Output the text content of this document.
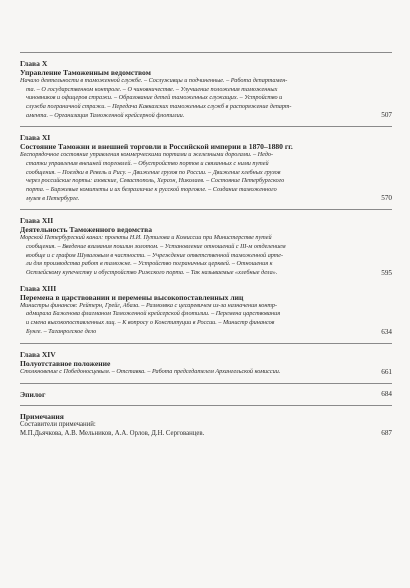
Глава X
Управление Таможенным ведомством
Начало деятельности в таможенной службе. – Сослуживцы и подчиненные. – Работа департамен-
та. – О государственном контроле. – О чиновничестве. – Улучшение положения таможенных
чиновников и офицеров стражи. – Образование детей таможенных служащих. – Устройство и
служба пограничной стражи. – Передача Кавказских таможенных служб в распоряжение департ-
амента. – Организация Таможенной крейсерной флотилии.	507
Глава XI
Состояние Таможни и внешней торговли в Российской империи в 1870–1880 гг.
Беспорядочное состояние управления коммерческими портами и железными дорогами. – Недо-
статки управления внешней торговлей. – Обустройство портов и связанных с ними путей
сообщения. – Поездки в Ревель и Рису. – Движение грузов по России. – Движение хлебных грузов
через российские порты: азовские, Севастополь, Херсон, Николаев. – Состояние Петербургского
порта. – Биржевые комитеты и их безразличие к русской торговле. – Создание таможенного
музея в Петербурге.	570
Глава XII
Деятельность Таможенного ведомства
Морской Петербургский канал: проекты Н.И. Путилова и Комиссии при Министерстве путей
сообщения. – Введение взимания пошлин золотом. – Установление отношений с III-м отделением
вообще и с графом Шуваловым в частности. – Учреждение ответственной таможенной арте-
ли для производства работ в таможне. – Устройство пограничных церквей. – Отношения к
Остзейскому купечеству и обустройство Рижского порта. – Так называемые «хлебные дела».	595
Глава XIII
Перемена в царствовании и перемены высокопоставленных лиц
Министры финансов: Рейтерн, Грейг, Абаза. – Размолвка с цесаревичем из-за назначения контр-
адмирала Баженова флагманом Таможенной крейсерской флотилии. – Перемена царствования
и смена высокопоставленных лиц. – К вопросу о Конституции в России. – Министр финансов
Бунге. – Таганрогское дело	634
Глава XIV
Полуотставное положение
Столкновение с Победоносцевым. – Отставка. – Работа председателем Архангельской комиссии.	661
Эпилог	684
Примечания
Составители примечаний:
М.П.Дьячкова, А.В. Мельников, А.А. Орлов, Д.Н. Сергованцев.	687
